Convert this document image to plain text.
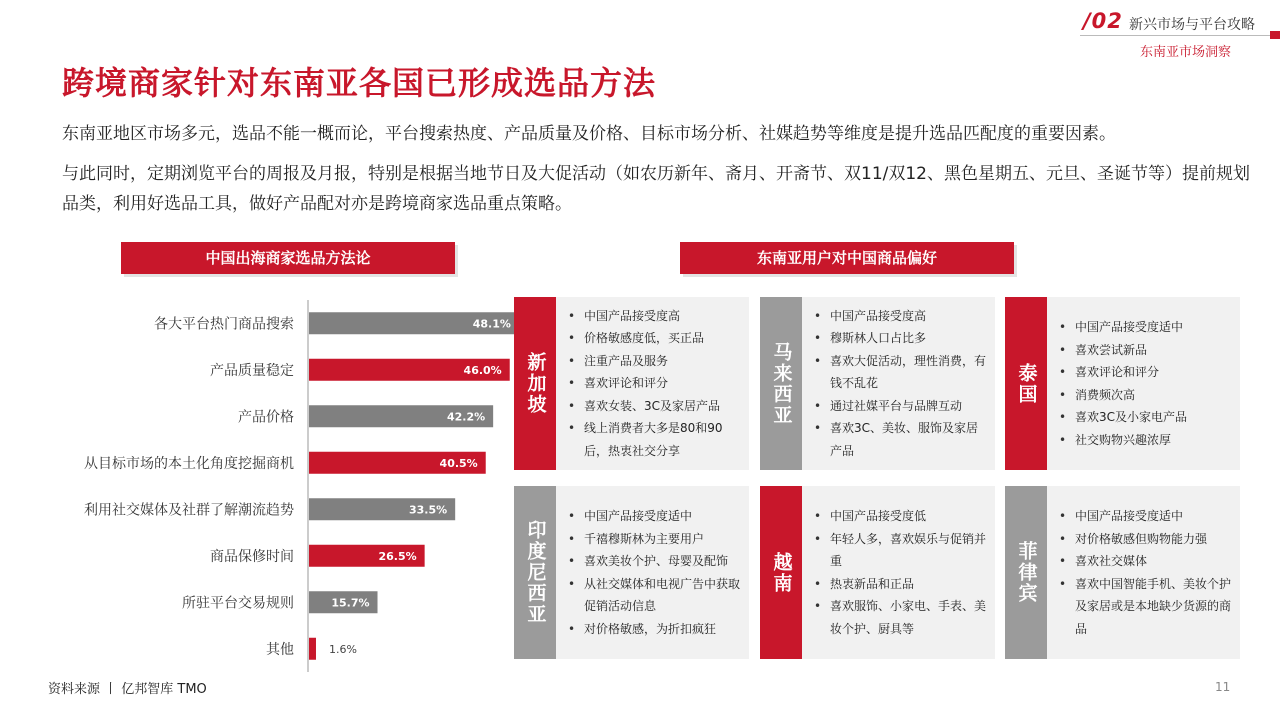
/02 新兴市场与平台攻略
东南亚市场洞察
跨境商家针对东南亚各国已形成选品方法
东南亚地区市场多元，选品不能一概而论，平台搜索热度、产品质量及价格、目标市场分析、社媒趋势等维度是提升选品匹配度的重要因素。
与此同时，定期浏览平台的周报及月报，特别是根据当地节日及大促活动（如农历新年、斋月、开斋节、双11/双12、黑色星期五、元旦、圣诞节等）提前规划品类，利用好选品工具，做好产品配对亦是跨境商家选品重点策略。
中国出海商家选品方法论	东南亚用户对中国商品偏好
各大平台热门商品搜索	48.1%
产品质量稳定	46.0%
产品价格	42.2%
从目标市场的本土化角度挖掘商机	40.5%
利用社交媒体及社群了解潮流趋势	33.5%
商品保修时间	26.5%
所驻平台交易规则	15.7%
其他	1.6%
新加坡
• 中国产品接受度高
• 价格敏感度低，买正品
• 注重产品及服务
• 喜欢评论和评分
• 喜欢女装、3C及家居产品
• 线上消费者大多是80和90后，热衷社交分享
马来西亚
• 中国产品接受度高
• 穆斯林人口占比多
• 喜欢大促活动，理性消费，有钱不乱花
• 通过社媒平台与品牌互动
• 喜欢3C、美妆、服饰及家居产品
泰国
• 中国产品接受度适中
• 喜欢尝试新品
• 喜欢评论和评分
• 消费频次高
• 喜欢3C及小家电产品
• 社交购物兴趣浓厚
印度尼西亚
• 中国产品接受度适中
• 千禧穆斯林为主要用户
• 喜欢美妆个护、母婴及配饰
• 从社交媒体和电视广告中获取促销活动信息
• 对价格敏感，为折扣疯狂
越南
• 中国产品接受度低
• 年轻人多，喜欢娱乐与促销并重
• 热衷新品和正品
• 喜欢服饰、小家电、手表、美妆个护、厨具等
菲律宾
• 中国产品接受度适中
• 对价格敏感但购物能力强
• 喜欢社交媒体
• 喜欢中国智能手机、美妆个护及家居或是本地缺少货源的商品
资料来源 丨 亿邦智库 TMO	11
